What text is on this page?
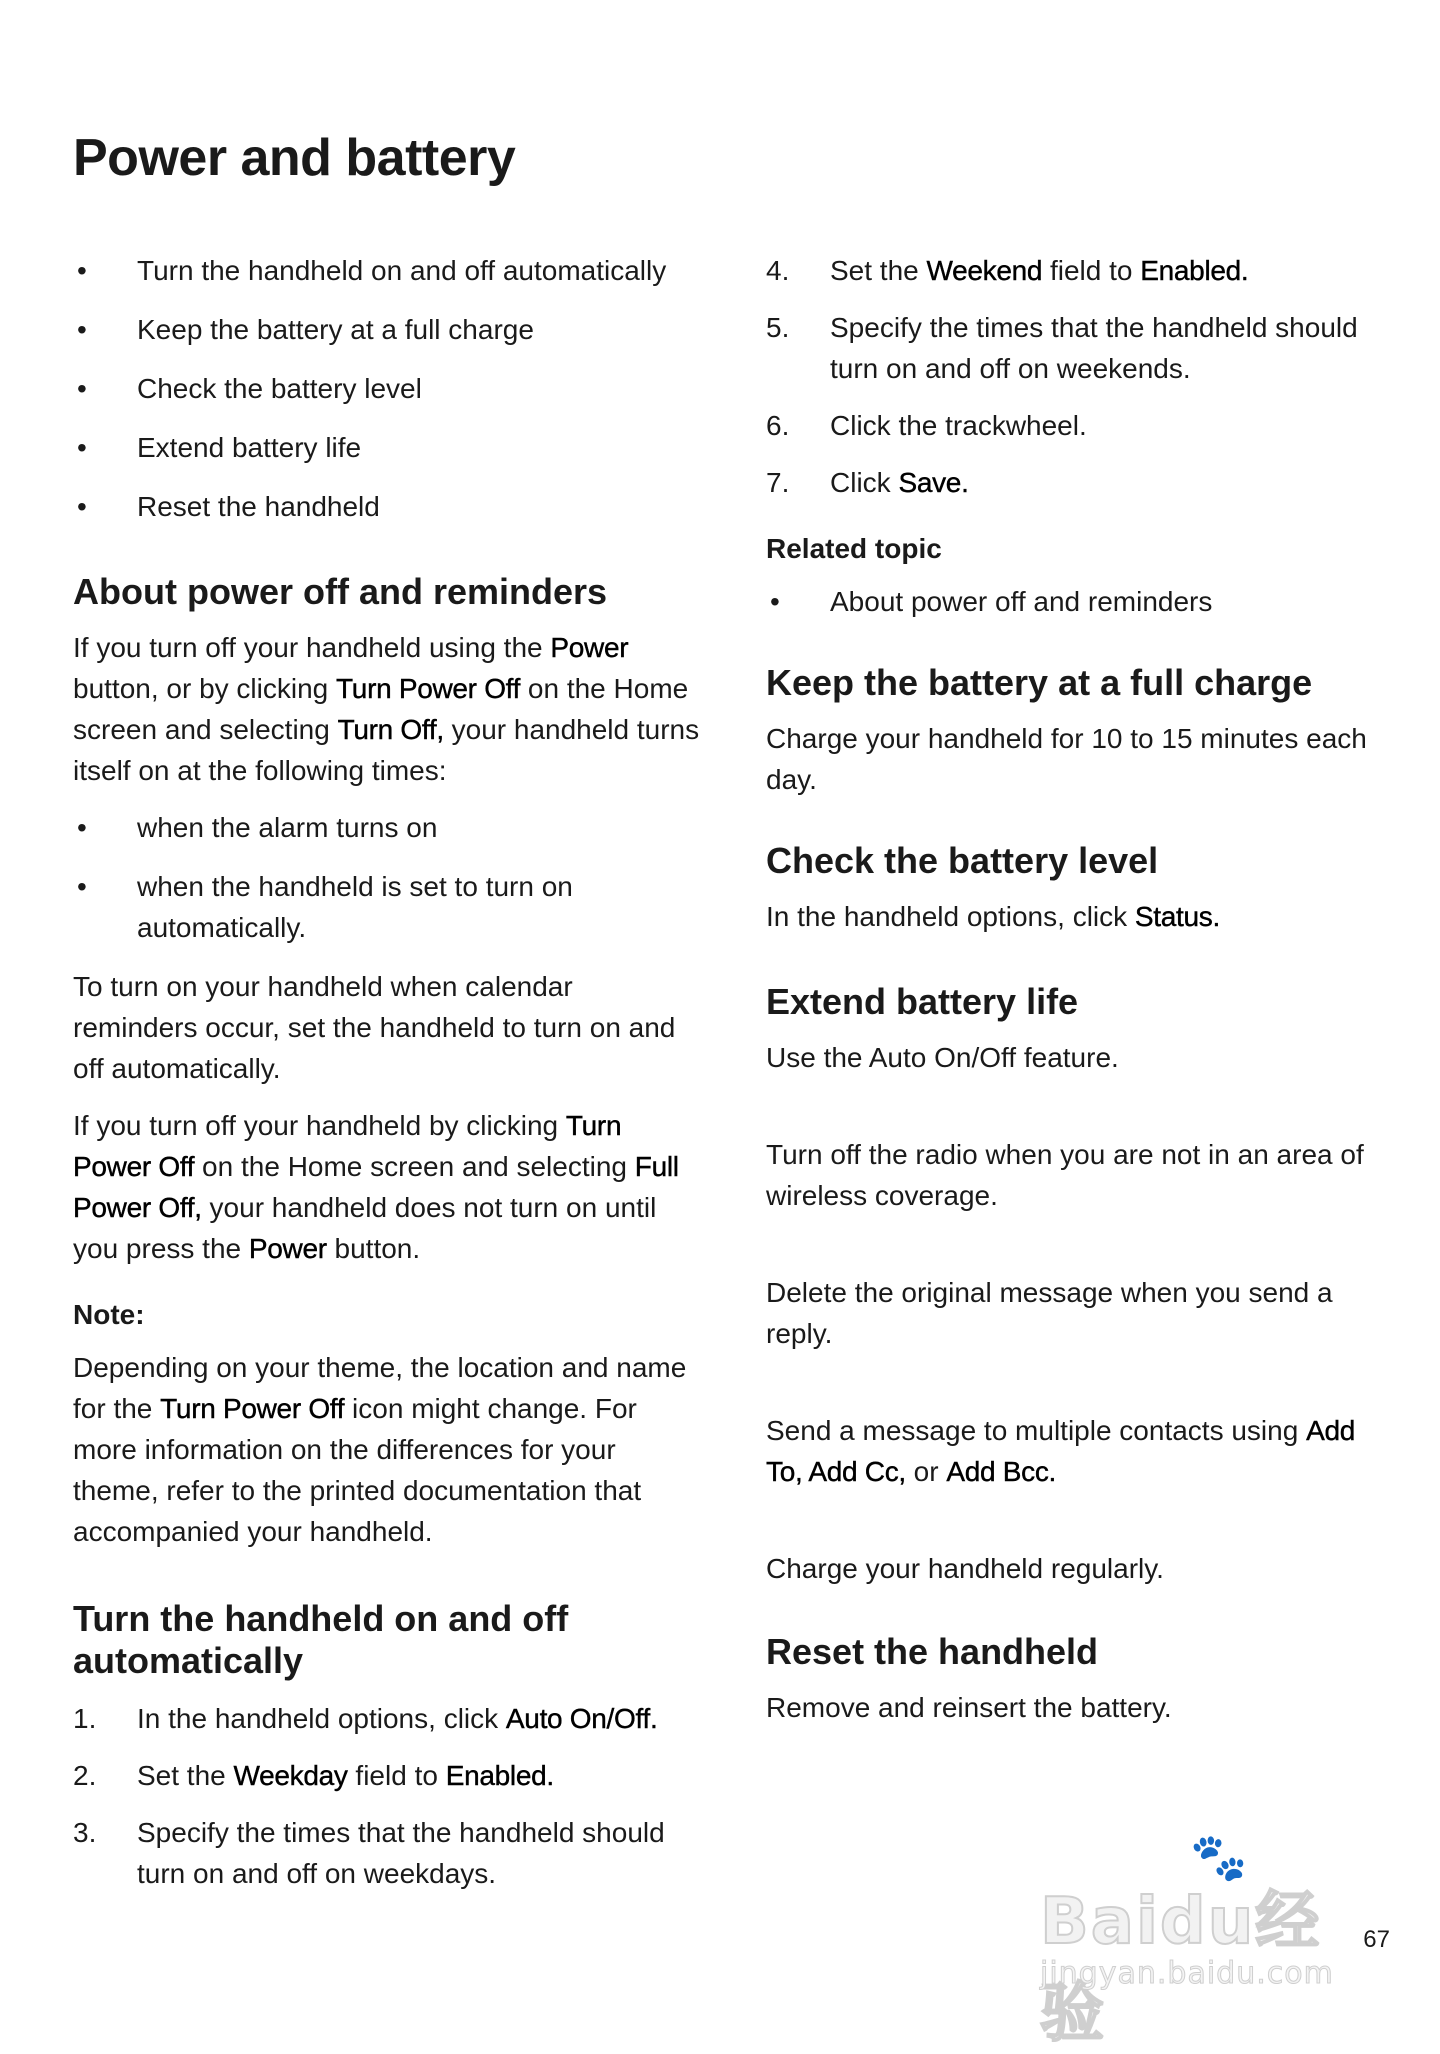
Power and battery
• Turn the handheld on and off automatically
• Keep the battery at a full charge
• Check the battery level
• Extend battery life
• Reset the handheld
About power off and reminders

If you turn off your handheld using the Power button, or by clicking Turn Power Off on the Home screen and selecting Turn Off, your handheld turns itself on at the following times:

• when the alarm turns on
• when the handheld is set to turn on automatically.

To turn on your handheld when calendar reminders occur, set the handheld to turn on and off automatically.

If you turn off your handheld by clicking Turn Power Off on the Home screen and selecting Full Power Off, your handheld does not turn on until you press the Power button.

Note:

Depending on your theme, the location and name for the Turn Power Off icon might change. For more information on the differences for your theme, refer to the printed documentation that accompanied your handheld.

Turn the handheld on and off automatically
1. In the handheld options, click Auto On/Off.
2. Set the Weekday field to Enabled.
3. Specify the times that the handheld should turn on and off on weekdays.
4. Set the Weekend field to Enabled.
5. Specify the times that the handheld should turn on and off on weekends.
6. Click the trackwheel.
7. Click Save.

Related topic

• About power off and reminders
Keep the battery at a full charge

Charge your handheld for 10 to 15 minutes each day.

Check the battery level

In the handheld options, click Status.

Extend battery life

Use the Auto On/Off feature.

Turn off the radio when you are not in an area of wireless coverage.

Delete the original message when you send a reply.

Send a message to multiple contacts using Add To, Add Cc, or Add Bcc.

Charge your handheld regularly.

Reset the handheld

Remove and reinsert the battery.

🐾
Baidu经验
jingyan.baidu.com
67
